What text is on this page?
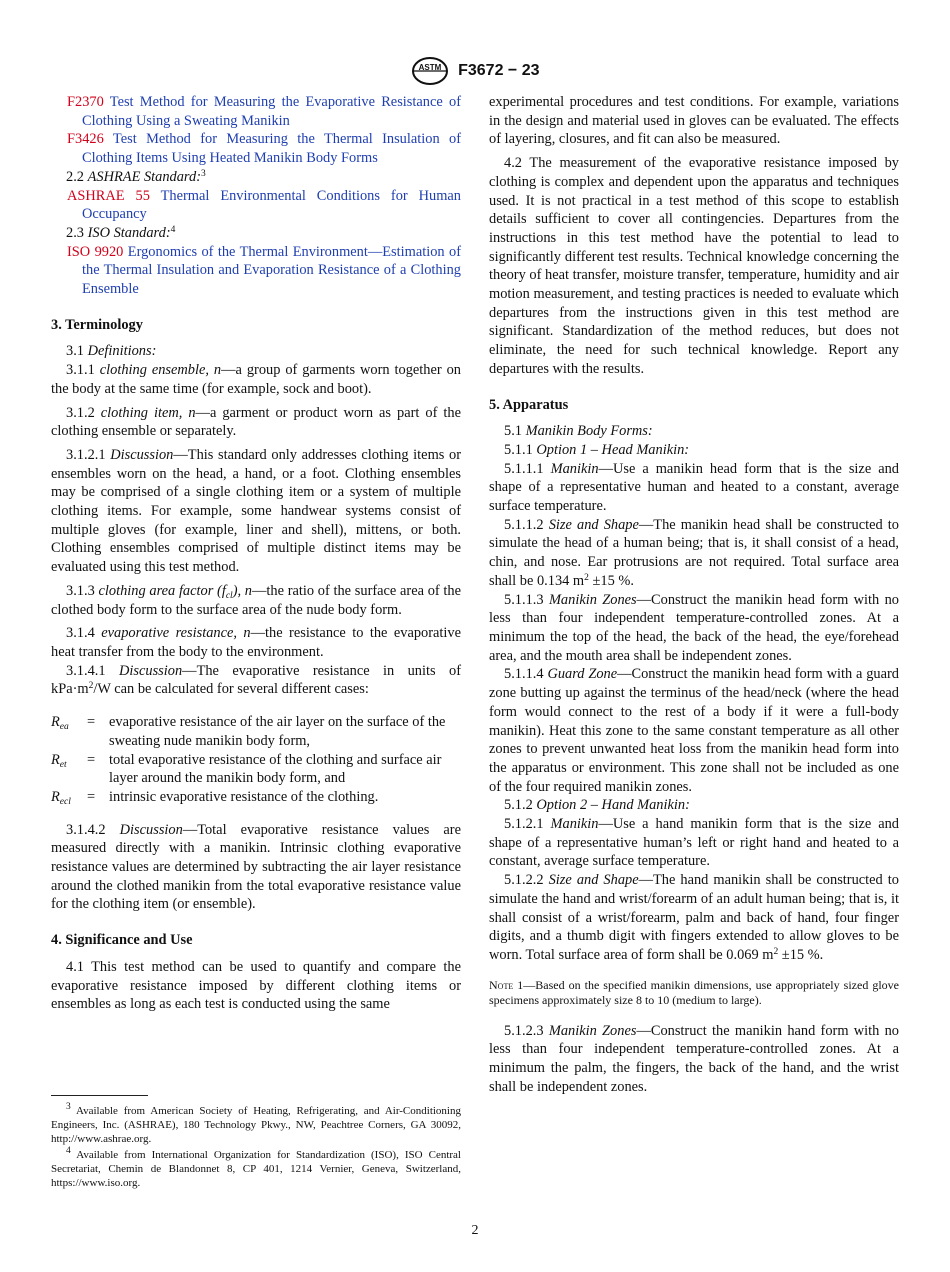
ASTM F3672 − 23

F2370 Test Method for Measuring the Evaporative Resistance of Clothing Using a Sweating Manikin

F3426 Test Method for Measuring the Thermal Insulation of Clothing Items Using Heated Manikin Body Forms

2.2 ASHRAE Standard:$^3$

ASHRAE 55 Thermal Environmental Conditions for Human Occupancy

2.3 ISO Standard:$^4$

ISO 9920 Ergonomics of the Thermal Environment—Estimation of the Thermal Insulation and Evaporation Resistance of a Clothing Ensemble

3. Terminology

3.1 Definitions:

3.1.1 clothing ensemble, n—a group of garments worn together on the body at the same time (for example, sock and boot).

3.1.2 clothing item, n—a garment or product worn as part of the clothing ensemble or separately.

3.1.2.1 Discussion—This standard only addresses clothing items or ensembles worn on the head, a hand, or a foot. Clothing ensembles may be comprised of a single clothing item or a system of multiple clothing items. For example, some handwear systems consist of multiple gloves (for example, liner and shell), mittens, or both. Clothing ensembles comprised of multiple distinct items may be evaluated using this test method.

3.1.3 clothing area factor $(f_{cl})$, n—the ratio of the surface area of the clothed body form to the surface area of the nude body form.

3.1.4 evaporative resistance, n—the resistance to the evaporative heat transfer from the body to the environment.

3.1.4.1 Discussion—The evaporative resistance in units of $kPa\cdot m^2/W$ can be calculated for several different cases:

$R_{ea}$	= evaporative resistance of the air layer on the surface of the sweating nude manikin body form,
$R_{et}$	= total evaporative resistance of the clothing and surface air layer around the manikin body form, and
$R_{ecl}$	= intrinsic evaporative resistance of the clothing.

3.1.4.2 Discussion—Total evaporative resistance values are measured directly with a manikin. Intrinsic clothing evaporative resistance values are determined by subtracting the air layer resistance around the clothed manikin from the total evaporative resistance value for the clothing item (or ensemble).

4. Significance and Use

4.1 This test method can be used to quantify and compare the evaporative resistance imposed by different clothing items or ensembles as long as each test is conducted using the same

$^3$ Available from American Society of Heating, Refrigerating, and Air-Conditioning Engineers, Inc. (ASHRAE), 180 Technology Pkwy., NW, Peachtree Corners, GA 30092, http://www.ashrae.org.

$^4$ Available from International Organization for Standardization (ISO), ISO Central Secretariat, Chemin de Blandonnet 8, CP 401, 1214 Vernier, Geneva, Switzerland, https://www.iso.org.

experimental procedures and test conditions. For example, variations in the design and material used in gloves can be evaluated. The effects of layering, closures, and fit can also be measured.

4.2 The measurement of the evaporative resistance imposed by clothing is complex and dependent upon the apparatus and techniques used. It is not practical in a test method of this scope to establish details sufficient to cover all contingencies. Departures from the instructions in this test method have the potential to lead to significantly different test results. Technical knowledge concerning the theory of heat transfer, moisture transfer, temperature, humidity and air motion measurement, and testing practices is needed to evaluate which departures from the instructions given in this test method are significant. Standardization of the method reduces, but does not eliminate, the need for such technical knowledge. Report any departures with the results.

5. Apparatus

5.1 Manikin Body Forms:

5.1.1 Option 1 – Head Manikin:

5.1.1.1 Manikin—Use a manikin head form that is the size and shape of a representative human and heated to a constant, average surface temperature.

5.1.1.2 Size and Shape—The manikin head shall be constructed to simulate the head of a human being; that is, it shall consist of a head, chin, and nose. Ear protrusions are not required. Total surface area shall be 0.134 $m^2 \pm 15$ %.

5.1.1.3 Manikin Zones—Construct the manikin head form with no less than four independent temperature-controlled zones. At a minimum the top of the head, the back of the head, the eye/forehead area, and the mouth area shall be independent zones.

5.1.1.4 Guard Zone—Construct the manikin head form with a guard zone butting up against the terminus of the head/neck (where the head form would connect to the rest of a body if it were a full-body manikin). Heat this zone to the same constant temperature as all other zones to prevent unwanted heat loss from the manikin head form into the apparatus or environment. This zone shall not be included as one of the four required manikin zones.

5.1.2 Option 2 – Hand Manikin:

5.1.2.1 Manikin—Use a hand manikin form that is the size and shape of a representative human’s left or right hand and heated to a constant, average surface temperature.

5.1.2.2 Size and Shape—The hand manikin shall be constructed to simulate the hand and wrist/forearm of an adult human being; that is, it shall consist of a wrist/forearm, palm and back of hand, four finger digits, and a thumb digit with fingers extended to allow gloves to be worn. Total surface area of form shall be 0.069 $m^2 \pm 15$ %.

Note 1—Based on the specified manikin dimensions, use appropriately sized glove specimens approximately size 8 to 10 (medium to large).

5.1.2.3 Manikin Zones—Construct the manikin hand form with no less than four independent temperature-controlled zones. At a minimum the palm, the fingers, the back of the hand, and the wrist shall be independent zones.

2
